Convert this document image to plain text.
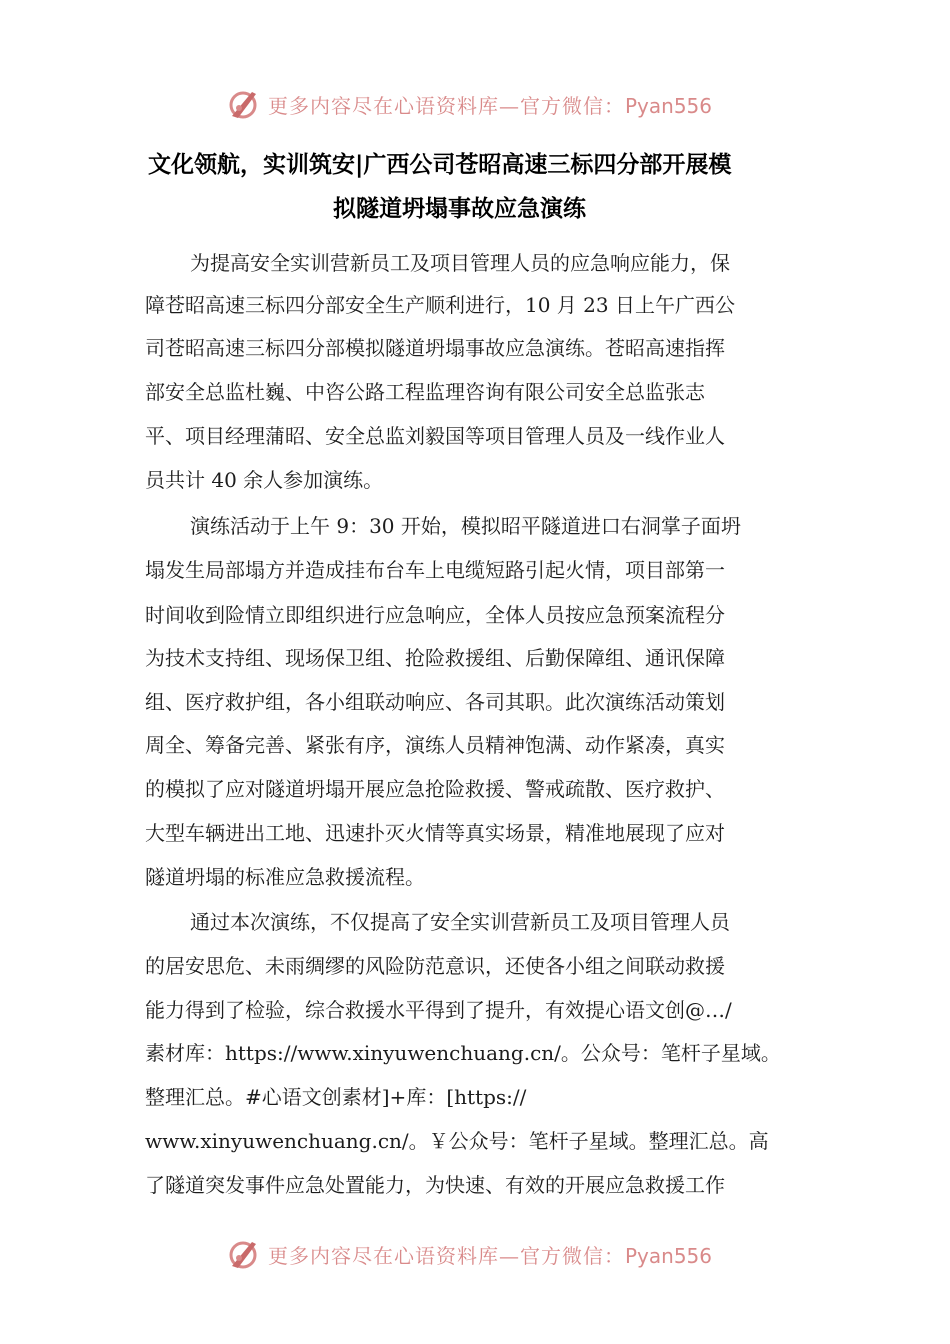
更多内容尽在心语资料库—官方微信：Pyan556
文化领航，实训筑安|广西公司苍昭高速三标四分部开展模
拟隧道坍塌事故应急演练
为提高安全实训营新员工及项目管理人员的应急响应能力，保
障苍昭高速三标四分部安全生产顺利进行，10 月 23 日上午广西公
司苍昭高速三标四分部模拟隧道坍塌事故应急演练。苍昭高速指挥
部安全总监杜巍、中咨公路工程监理咨询有限公司安全总监张志
平、项目经理蒲昭、安全总监刘毅国等项目管理人员及一线作业人
员共计 40 余人参加演练。
演练活动于上午 9：30 开始，模拟昭平隧道进口右洞掌子面坍
塌发生局部塌方并造成挂布台车上电缆短路引起火情，项目部第一
时间收到险情立即组织进行应急响应，全体人员按应急预案流程分
为技术支持组、现场保卫组、抢险救援组、后勤保障组、通讯保障
组、医疗救护组，各小组联动响应、各司其职。此次演练活动策划
周全、筹备完善、紧张有序，演练人员精神饱满、动作紧凑，真实
的模拟了应对隧道坍塌开展应急抢险救援、警戒疏散、医疗救护、
大型车辆进出工地、迅速扑灭火情等真实场景，精准地展现了应对
隧道坍塌的标准应急救援流程。
通过本次演练，不仅提高了安全实训营新员工及项目管理人员
的居安思危、未雨绸缪的风险防范意识，还使各小组之间联动救援
能力得到了检验，综合救援水平得到了提升，有效提心语文创@…/
素材库：https://www.xinyuwenchuang.cn/。公众号：笔杆子星域。
整理汇总。#心语文创素材]+库：[https://
www.xinyuwenchuang.cn/。￥公众号：笔杆子星域。整理汇总。高
了隧道突发事件应急处置能力，为快速、有效的开展应急救援工作
更多内容尽在心语资料库—官方微信：Pyan556
